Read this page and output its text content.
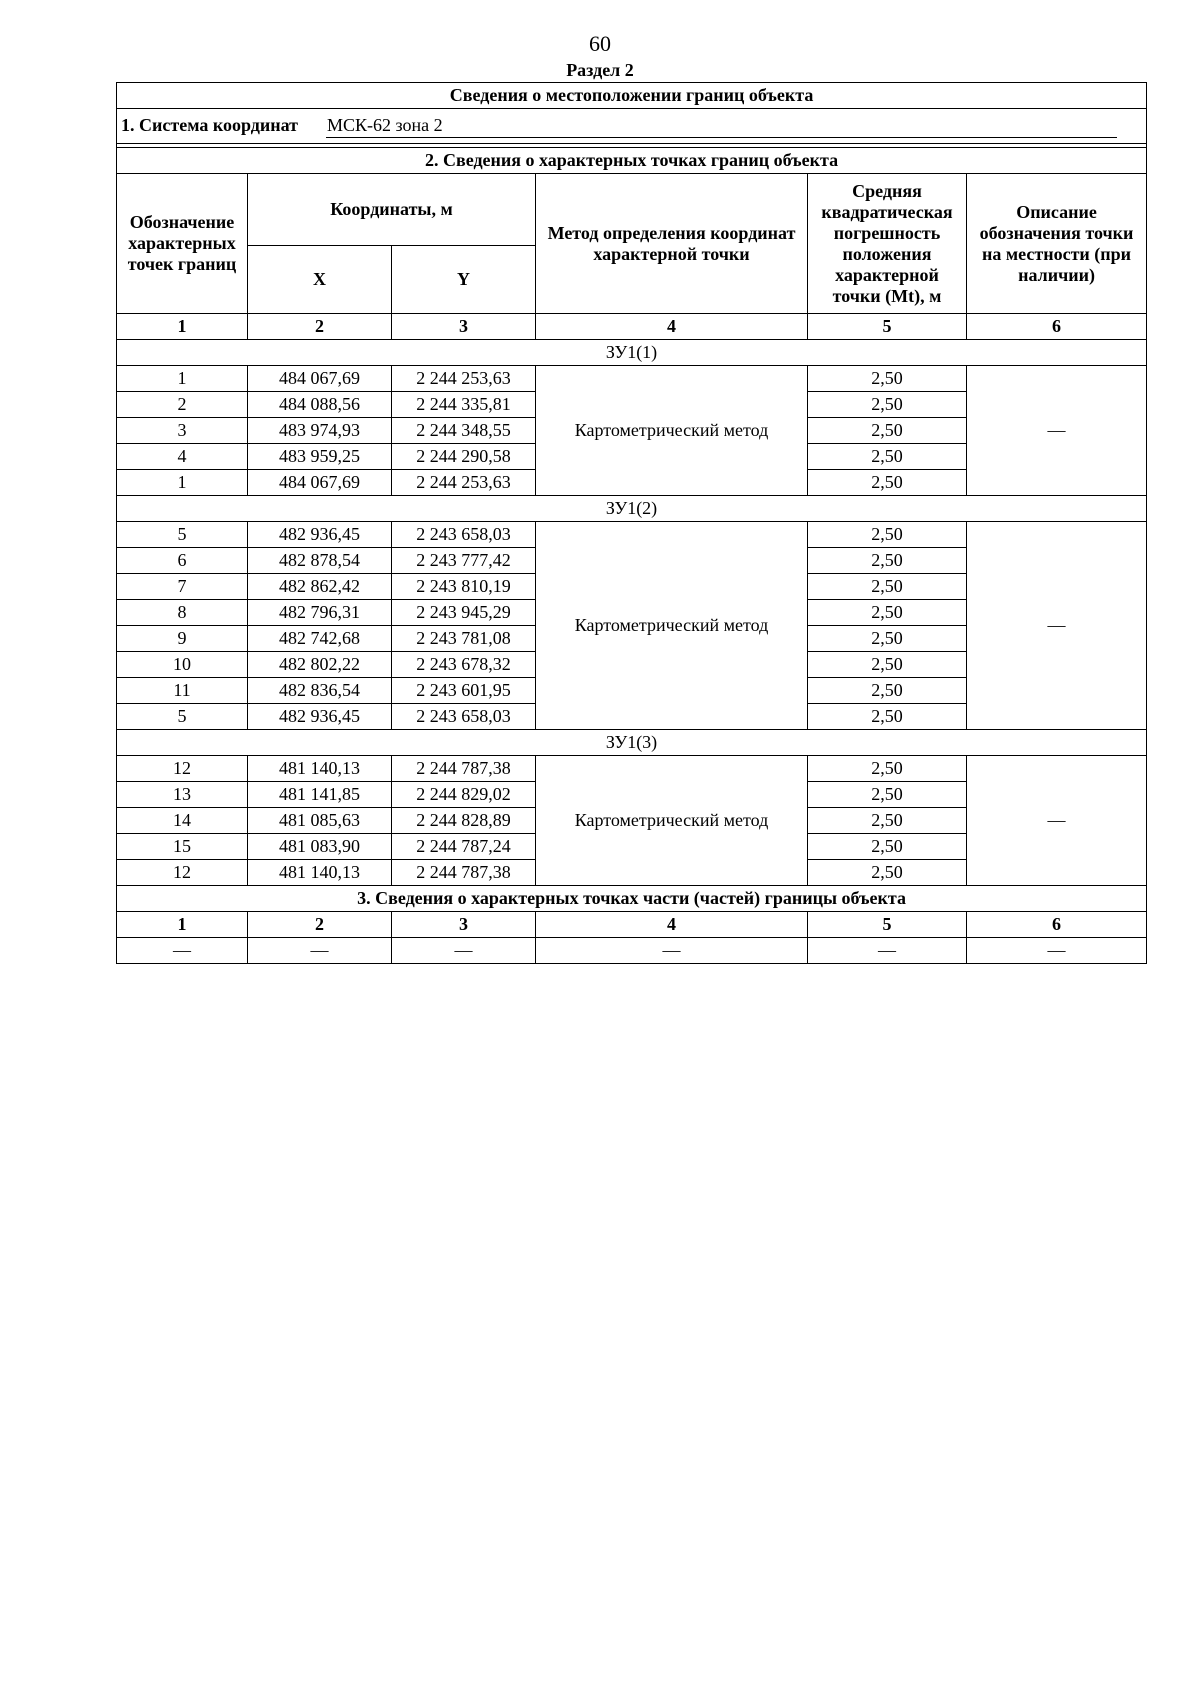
60
Раздел 2
Сведения о местоположении границ объекта					

1. Система координат МСК-62 зона 2					

2. Сведения о характерных точках границ объекта					
Обозначение характерных точек границ	Координаты, м		Метод определения координат характерной точки	Средняя квадратическая погрешность положения характерной точки (Mt), м	Описание обозначения точки на местности (при наличии)
	X	Y			
1	2	3	4	5	6
ЗУ1(1)					
1	484 067,69	2 244 253,63	Картометрический метод	2,50	—
2	484 088,56	2 244 335,81		2,50	
3	483 974,93	2 244 348,55		2,50	
4	483 959,25	2 244 290,58		2,50	
1	484 067,69	2 244 253,63		2,50	
ЗУ1(2)					
5	482 936,45	2 243 658,03	Картометрический метод	2,50	—
6	482 878,54	2 243 777,42		2,50	
7	482 862,42	2 243 810,19		2,50	
8	482 796,31	2 243 945,29		2,50	
9	482 742,68	2 243 781,08		2,50	
10	482 802,22	2 243 678,32		2,50	
11	482 836,54	2 243 601,95		2,50	
5	482 936,45	2 243 658,03		2,50	
ЗУ1(3)					
12	481 140,13	2 244 787,38	Картометрический метод	2,50	—
13	481 141,85	2 244 829,02		2,50	
14	481 085,63	2 244 828,89		2,50	
15	481 083,90	2 244 787,24		2,50	
12	481 140,13	2 244 787,38		2,50	
3. Сведения о характерных точках части (частей) границы объекта					
1	2	3	4	5	6
—	—	—	—	—	—
